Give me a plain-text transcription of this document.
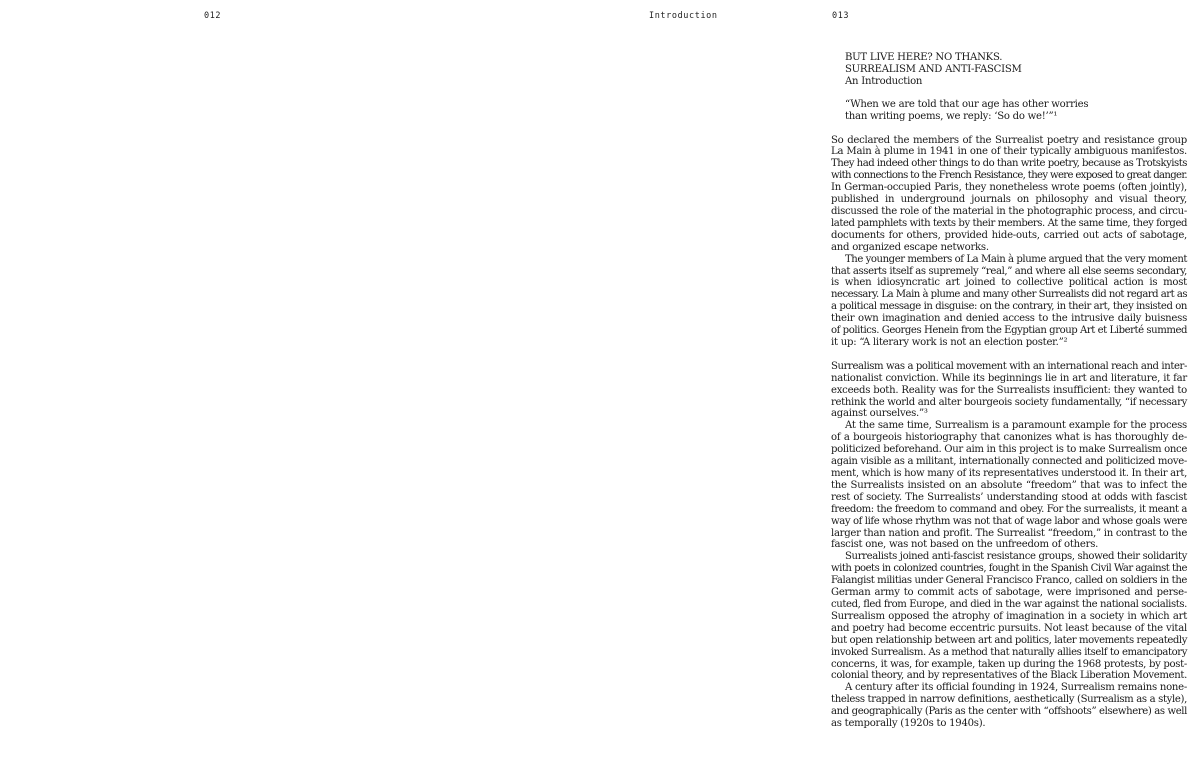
012	Introduction	013
BUT LIVE HERE? NO THANKS.
SURREALISM AND ANTI-FASCISM
An Introduction
“When we are told that our age has other worries
than writing poems, we reply: ‘So do we!’”¹
So declared the members of the Surrealist poetry and resistance group
La Main à plume in 1941 in one of their typically ambiguous manifestos.
They had indeed other things to do than write poetry, because as Trotskyists
with connections to the French Resistance, they were exposed to great danger.
In German-occupied Paris, they nonetheless wrote poems (often jointly),
published in underground journals on philosophy and visual theory,
discussed the role of the material in the photographic process, and circu-
lated pamphlets with texts by their members. At the same time, they forged
documents for others, provided hide-outs, carried out acts of sabotage,
and organized escape networks.
The younger members of La Main à plume argued that the very moment
that asserts itself as supremely “real,” and where all else seems secondary,
is when idiosyncratic art joined to collective political action is most
necessary. La Main à plume and many other Surrealists did not regard art as
a political message in disguise: on the contrary, in their art, they insisted on
their own imagination and denied access to the intrusive daily buisness
of politics. Georges Henein from the Egyptian group Art et Liberté summed
it up: “A literary work is not an election poster.”²
Surrealism was a political movement with an international reach and inter-
nationalist conviction. While its beginnings lie in art and literature, it far
exceeds both. Reality was for the Surrealists insufficient: they wanted to
rethink the world and alter bourgeois society fundamentally, “if necessary
against ourselves.”³
At the same time, Surrealism is a paramount example for the process
of a bourgeois historiography that canonizes what is has thoroughly de-
politicized beforehand. Our aim in this project is to make Surrealism once
again visible as a militant, internationally connected and politicized move-
ment, which is how many of its representatives understood it. In their art,
the Surrealists insisted on an absolute “freedom” that was to infect the
rest of society. The Surrealists’ understanding stood at odds with fascist
freedom: the freedom to command and obey. For the surrealists, it meant a
way of life whose rhythm was not that of wage labor and whose goals were
larger than nation and profit. The Surrealist “freedom,” in contrast to the
fascist one, was not based on the unfreedom of others.
Surrealists joined anti-fascist resistance groups, showed their solidarity
with poets in colonized countries, fought in the Spanish Civil War against the
Falangist militias under General Francisco Franco, called on soldiers in the
German army to commit acts of sabotage, were imprisoned and perse-
cuted, fled from Europe, and died in the war against the national socialists.
Surrealism opposed the atrophy of imagination in a society in which art
and poetry had become eccentric pursuits. Not least because of the vital
but open relationship between art and politics, later movements repeatedly
invoked Surrealism. As a method that naturally allies itself to emancipatory
concerns, it was, for example, taken up during the 1968 protests, by post-
colonial theory, and by representatives of the Black Liberation Movement.
A century after its official founding in 1924, Surrealism remains none-
theless trapped in narrow definitions, aesthetically (Surrealism as a style),
and geographically (Paris as the center with “offshoots” elsewhere) as well
as temporally (1920s to 1940s).
